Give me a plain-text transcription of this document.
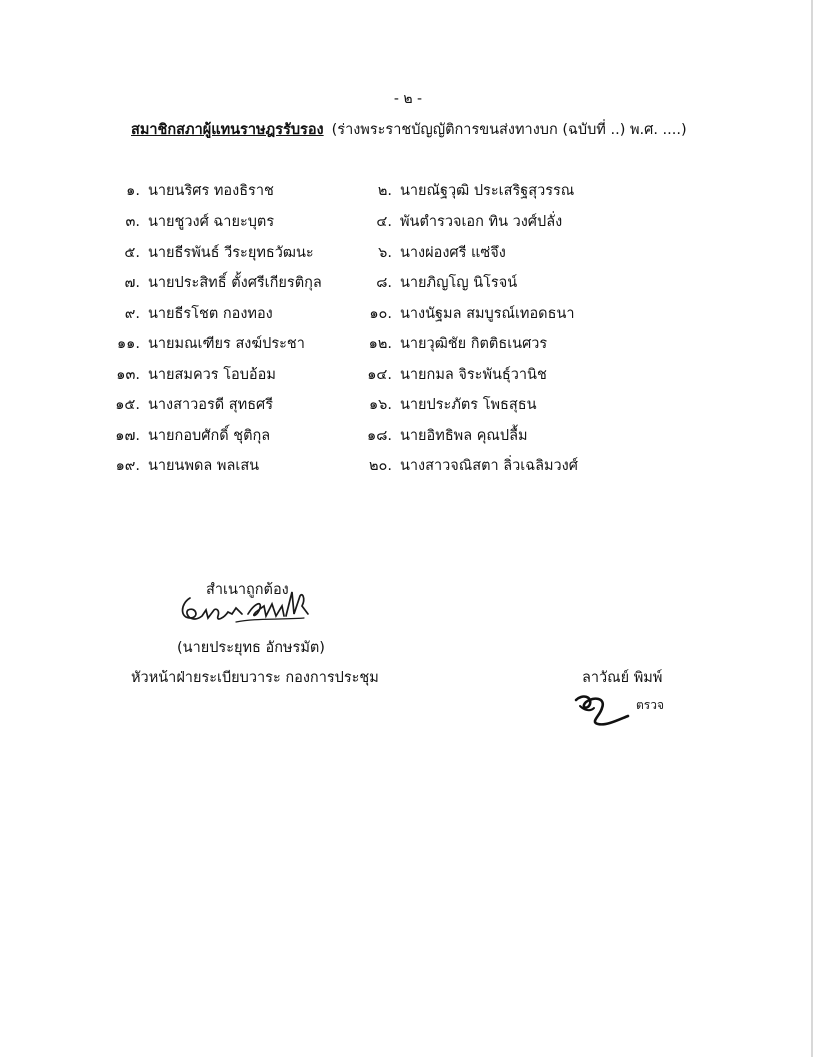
- ๒ -
สมาชิกสภาผู้แทนราษฎรรับรอง (ร่างพระราชบัญญัติการขนส่งทางบก (ฉบับที่ ..) พ.ศ. ....)
๑. นายนริศร ทองธิราช
๓. นายชูวงศ์ ฉายะบุตร
๕. นายธีรพันธ์ วีระยุทธวัฒนะ
๗. นายประสิทธิ์ ตั้งศรีเกียรติกุล
๙. นายธีรโชต กองทอง
๑๑. นายมณเฑียร สงฆ์ประชา
๑๓. นายสมควร โอบอ้อม
๑๕. นางสาวอรดี สุทธศรี
๑๗. นายกอบศักดิ์ ชุติกุล
๑๙. นายนพดล พลเสน
๒. นายณัฐวุฒิ ประเสริฐสุวรรณ
๔. พันตำรวจเอก ทิน วงศ์ปลั่ง
๖. นางผ่องศรี แซ่จึง
๘. นายภิญโญ นิโรจน์
๑๐. นางนัฐมล สมบูรณ์เทอดธนา
๑๒. นายวุฒิชัย กิตติธเนศวร
๑๔. นายกมล จิระพันธุ์วานิช
๑๖. นายประภัตร โพธสุธน
๑๘. นายอิทธิพล คุณปลื้ม
๒๐. นางสาวจณิสตา ลิ่วเฉลิมวงศ์
สำเนาถูกต้อง
(นายประยุทธ อักษรมัต)
หัวหน้าฝ่ายระเบียบวาระ กองการประชุม	ลาวัณย์ พิมพ์
ตรวจ
